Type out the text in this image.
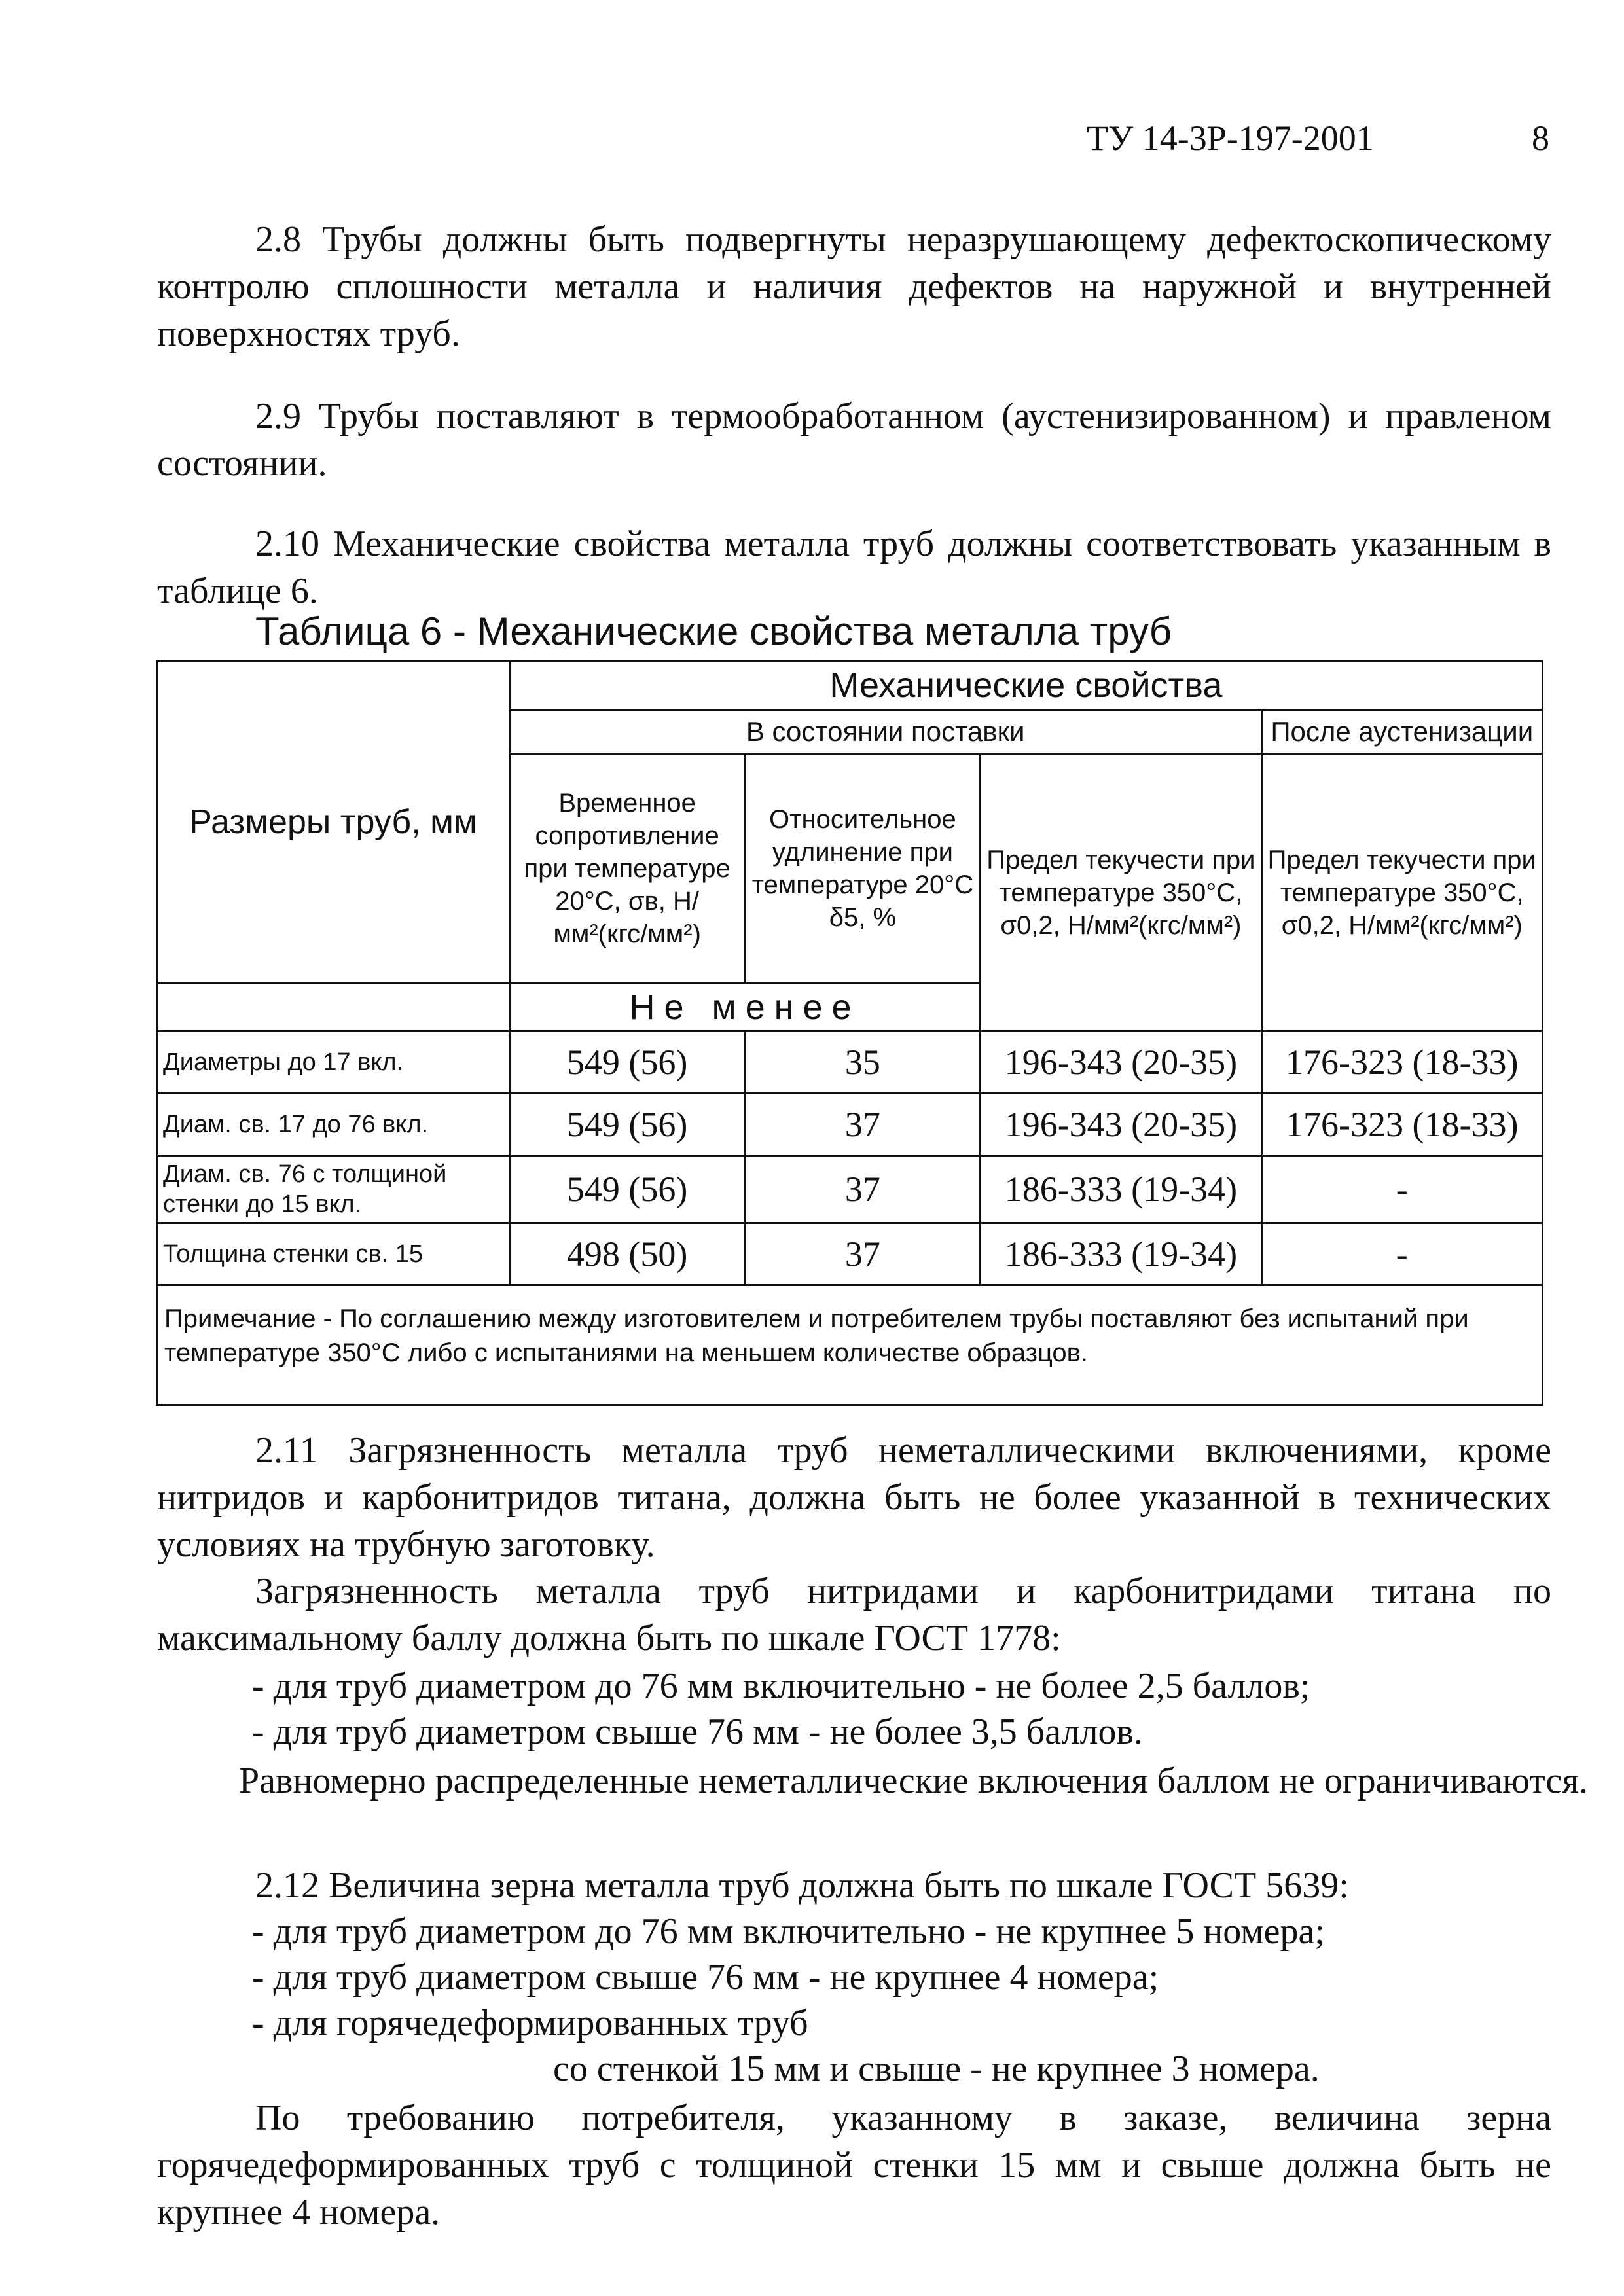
ТУ 14-3Р-197-2001	8
2.8 Трубы должны быть подвергнуты неразрушающему дефектоскопическому контролю сплошности металла и наличия дефектов на наружной и внутренней поверхностях труб.
2.9 Трубы поставляют в термообработанном (аустенизированном) и правленом состоянии.
2.10 Механические свойства металла труб должны соответствовать указанным в таблице 6.
Таблица 6 - Механические свойства металла труб
Размеры труб, мм	Механические свойства			
	В состоянии поставки			После аустенизации
	Временное сопротивление при температуре 20°С, σв, Н/мм²(кгс/мм²)	Относительное удлинение при температуре 20°С δ5, %	Предел текучести при температуре 350°С, σ0,2, Н/мм²(кгс/мм²)	Предел текучести при температуре 350°С, σ0,2, Н/мм²(кгс/мм²)
	Не менее			
Диаметры до 17 вкл.	549 (56)	35	196-343 (20-35)	176-323 (18-33)
Диам. св. 17 до 76 вкл.	549 (56)	37	196-343 (20-35)	176-323 (18-33)
Диам. св. 76 с толщиной стенки до 15 вкл.	549 (56)	37	186-333 (19-34)	-
Толщина стенки св. 15	498 (50)	37	186-333 (19-34)	-
Примечание - По соглашению между изготовителем и потребителем трубы поставляют без испытаний при температуре 350°С либо с испытаниями на меньшем количестве образцов.				
2.11 Загрязненность металла труб неметаллическими включениями, кроме нитридов и карбонитридов титана, должна быть не более указанной в технических условиях на трубную заготовку.
Загрязненность металла труб нитридами и карбонитридами титана по максимальному баллу должна быть по шкале ГОСТ 1778:
- для труб диаметром до 76 мм включительно - не более 2,5 баллов;
- для труб диаметром свыше 76 мм - не более 3,5 баллов.
Равномерно распределенные неметаллические включения баллом не ограничиваются.
2.12 Величина зерна металла труб должна быть по шкале ГОСТ 5639:
- для труб диаметром до 76 мм включительно - не крупнее 5 номера;
- для труб диаметром свыше 76 мм - не крупнее 4 номера;
- для горячедеформированных труб
со стенкой 15 мм и свыше - не крупнее 3 номера.
По требованию потребителя, указанному в заказе, величина зерна горячедеформированных труб с толщиной стенки 15 мм и свыше должна быть не крупнее 4 номера.
